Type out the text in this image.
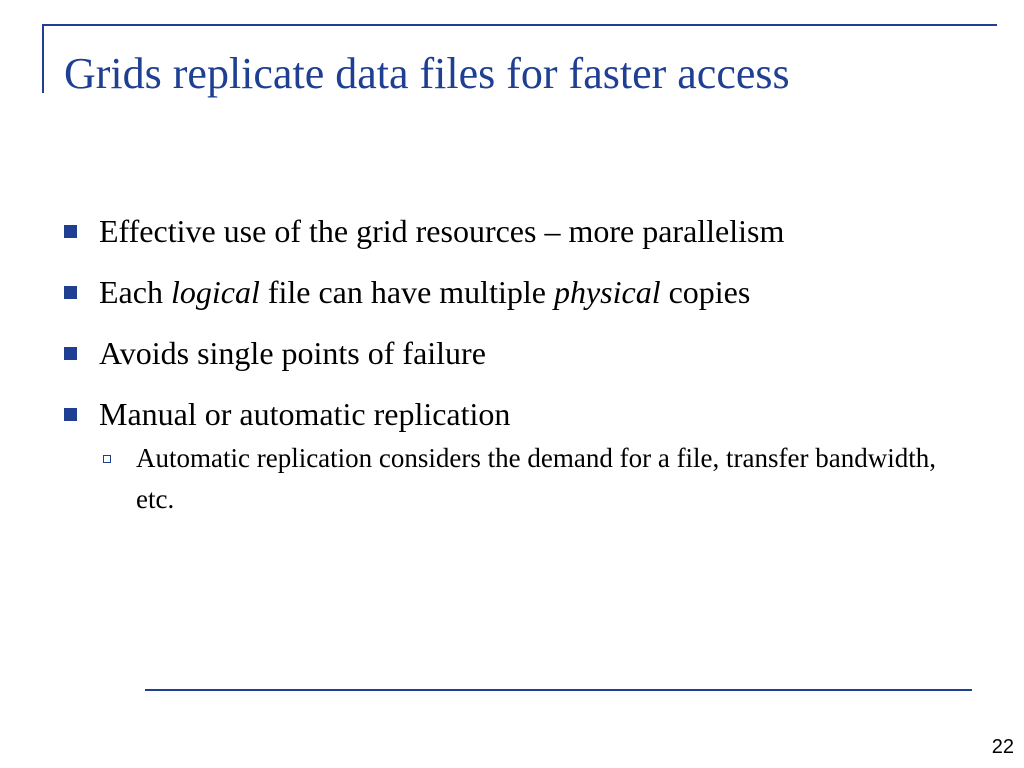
Grids replicate data files for faster access
Effective use of the grid resources – more parallelism
Each logical file can have multiple physical copies
Avoids single points of failure
Manual or automatic replication
Automatic replication considers the demand for a file, transfer bandwidth, etc.
22
